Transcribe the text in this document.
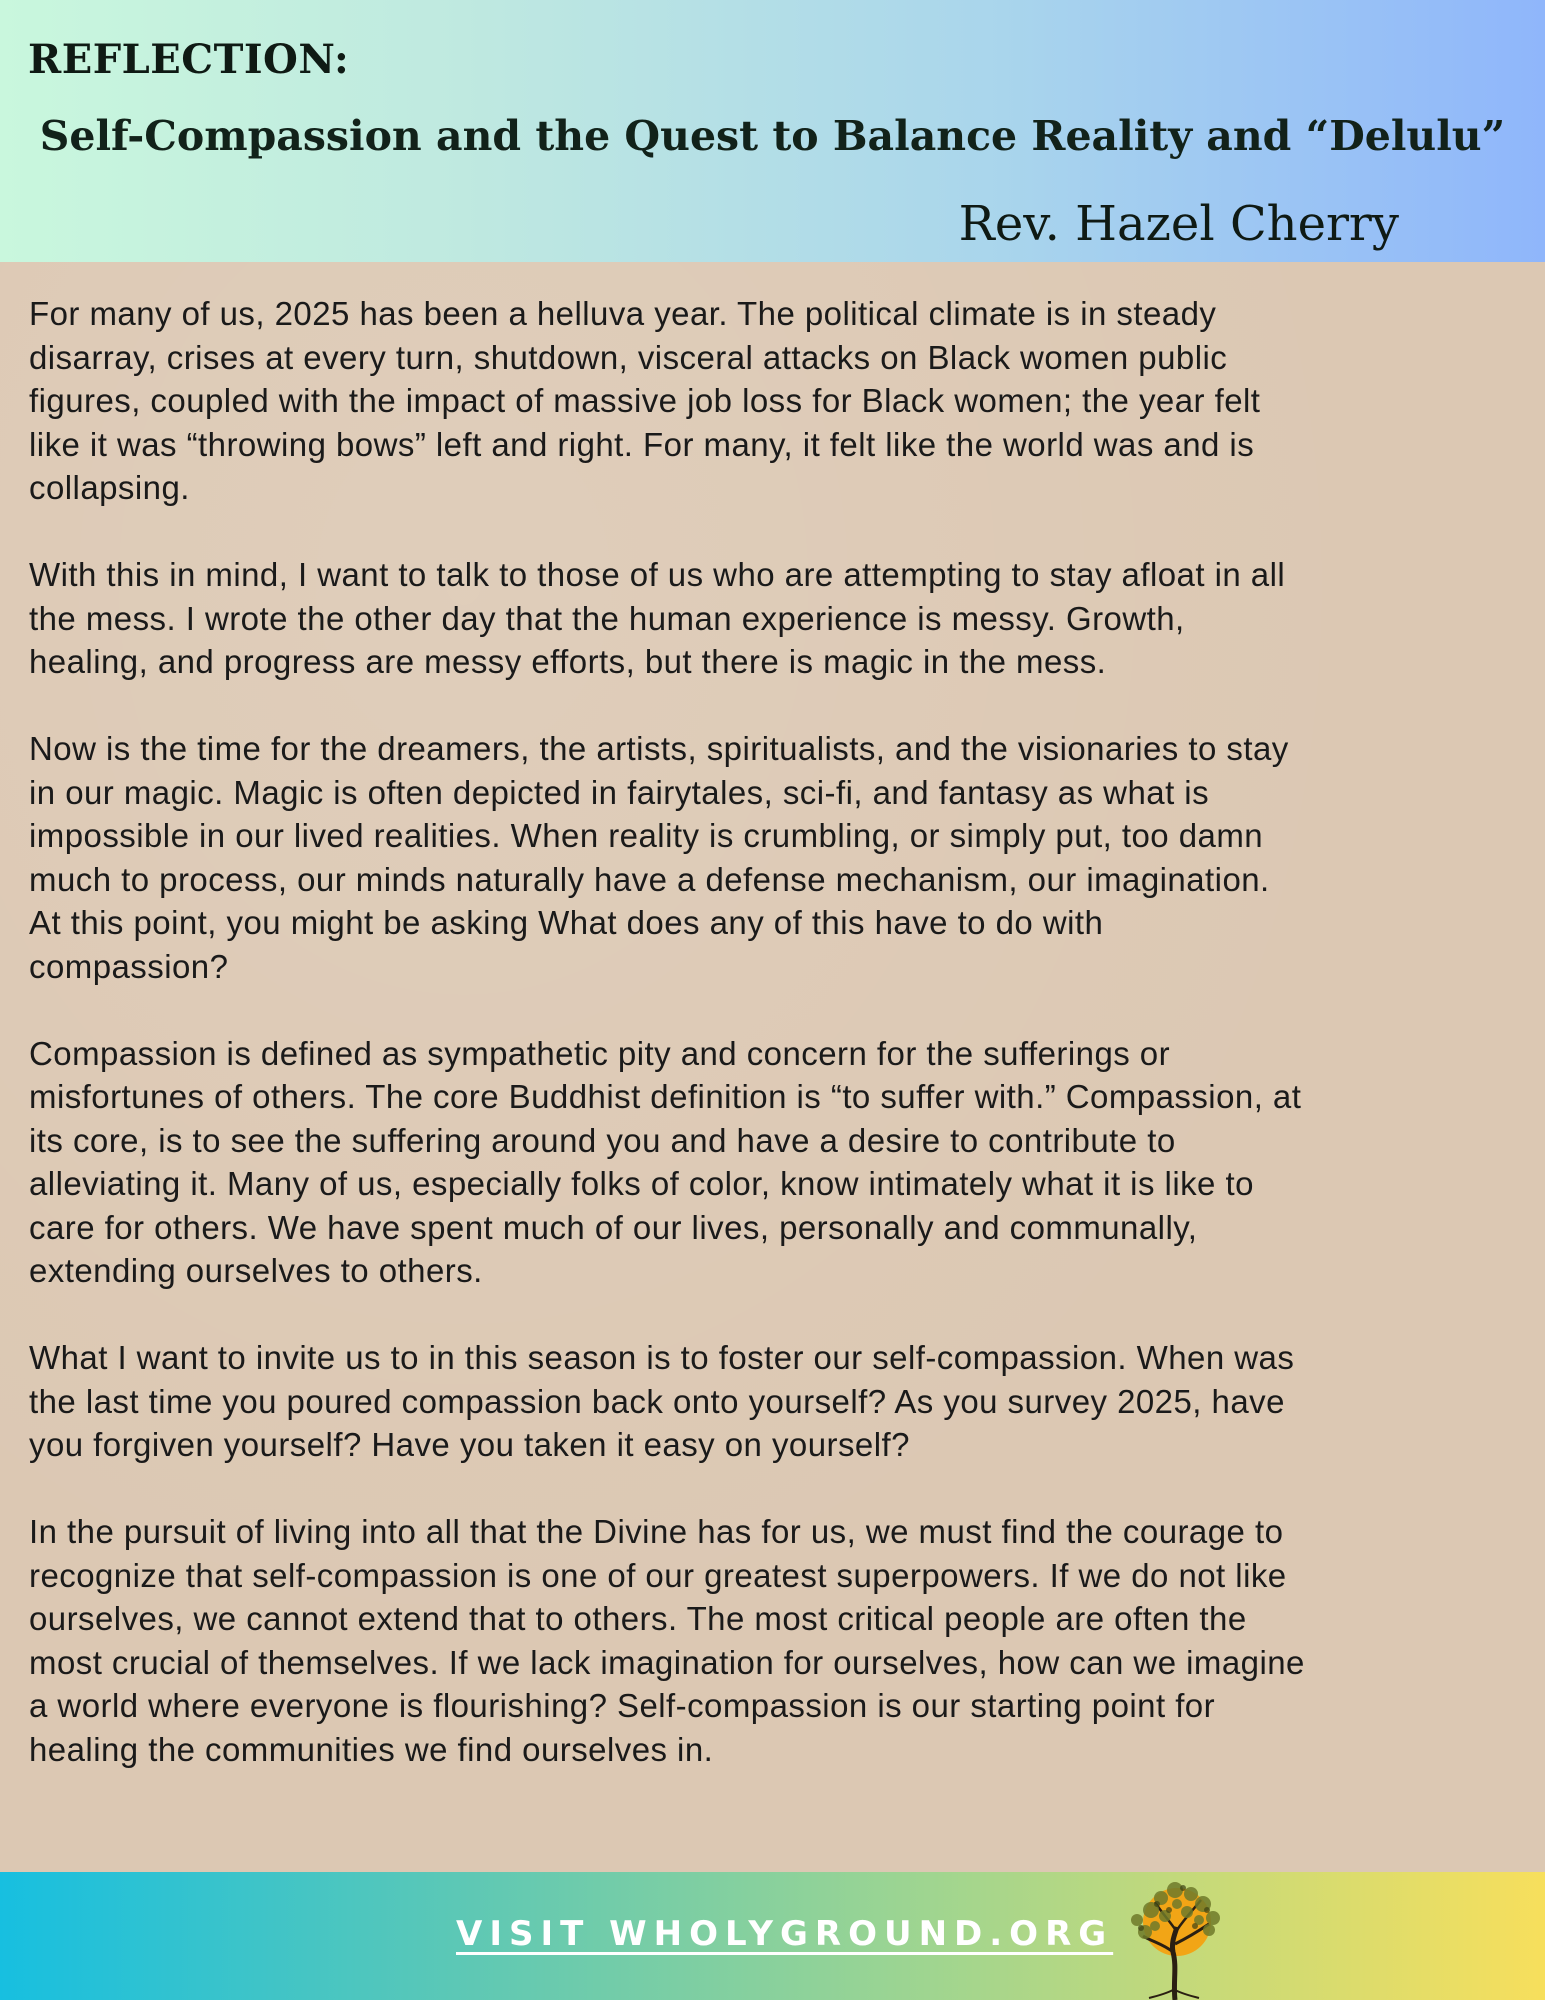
REFLECTION:
Self-Compassion and the Quest to Balance Reality and “Delulu”
Rev. Hazel Cherry

For many of us, 2025 has been a helluva year. The political climate is in steady
disarray, crises at every turn, shutdown, visceral attacks on Black women public
figures, coupled with the impact of massive job loss for Black women; the year felt
like it was “throwing bows” left and right. For many, it felt like the world was and is
collapsing.

With this in mind, I want to talk to those of us who are attempting to stay afloat in all
the mess. I wrote the other day that the human experience is messy. Growth,
healing, and progress are messy efforts, but there is magic in the mess.

Now is the time for the dreamers, the artists, spiritualists, and the visionaries to stay
in our magic. Magic is often depicted in fairytales, sci-fi, and fantasy as what is
impossible in our lived realities. When reality is crumbling, or simply put, too damn
much to process, our minds naturally have a defense mechanism, our imagination.
At this point, you might be asking What does any of this have to do with
compassion?

Compassion is defined as sympathetic pity and concern for the sufferings or
misfortunes of others. The core Buddhist definition is “to suffer with.” Compassion, at
its core, is to see the suffering around you and have a desire to contribute to
alleviating it. Many of us, especially folks of color, know intimately what it is like to
care for others. We have spent much of our lives, personally and communally,
extending ourselves to others.

What I want to invite us to in this season is to foster our self-compassion. When was
the last time you poured compassion back onto yourself? As you survey 2025, have
you forgiven yourself? Have you taken it easy on yourself?

In the pursuit of living into all that the Divine has for us, we must find the courage to
recognize that self-compassion is one of our greatest superpowers. If we do not like
ourselves, we cannot extend that to others. The most critical people are often the
most crucial of themselves. If we lack imagination for ourselves, how can we imagine
a world where everyone is flourishing? Self-compassion is our starting point for
healing the communities we find ourselves in.

VISIT WHOLYGROUND.ORG
